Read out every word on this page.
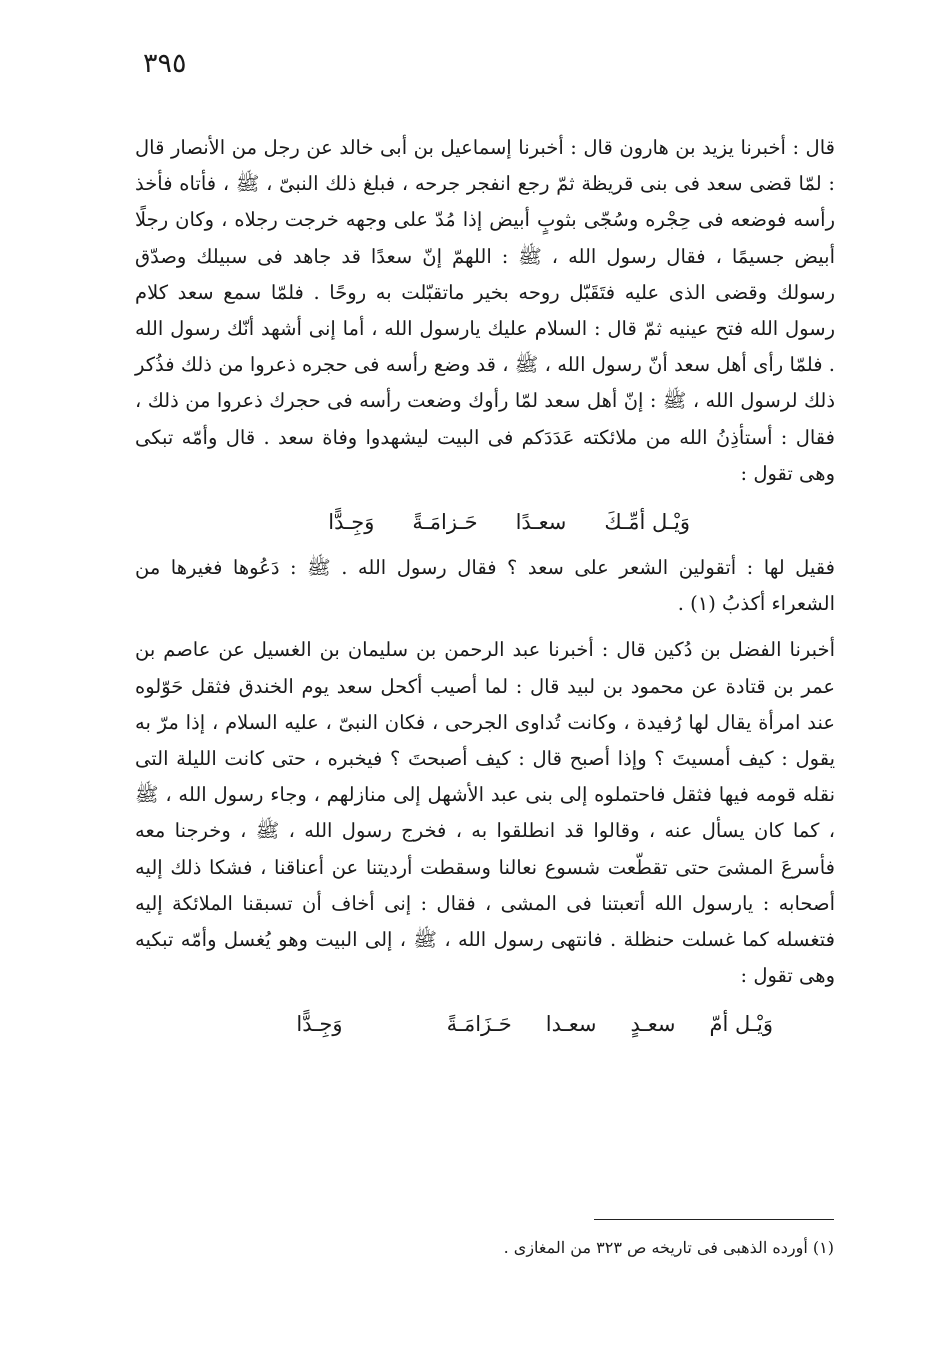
٣٩٥

قال : أخبرنا يزيد بن هارون قال : أخبرنا إسماعيل بن أبى خالد عن رجل من الأنصار قال : لمّا قضى سعد فى بنى قريظة ثمّ رجع انفجر جرحه ، فبلغ ذلك النبىّ ، ﷺ ، فأتاه فأخذ رأسه فوضعه فى حِجْره وسُجّى بثوبٍ أبيض إذا مُدّ على وجهه خرجت رجلاه ، وكان رجلًا أبيض جسيمًا ، فقال رسول الله ، ﷺ : اللهمّ إنّ سعدًا قد جاهد فى سبيلك وصدّق رسولك وقضى الذى عليه فتَقَبّل روحه بخير ماتقبّلت به روحًا . فلمّا سمع سعد كلام رسول الله فتح عينيه ثمّ قال : السلام عليك يارسول الله ، أما إنى أشهد أنّك رسول الله . فلمّا رأى أهل سعد أنّ رسول الله ، ﷺ ، قد وضع رأسه فى حجره ذعروا من ذلك فذُكر ذلك لرسول الله ، ﷺ : إنّ أهل سعد لمّا رأوك وضعت رأسه فى حجرك ذعروا من ذلك ، فقال : أستأذِنُ الله من ملائكته عَدَدَكم فى البيت ليشهدوا وفاة سعد . قال وأمّه تبكى وهى تقول :

وَيْـل أمِّـكَ
سعـدًا
حَـزامَـةً
وَجِـدًّا

فقيل لها : أتقولين الشعر على سعد ؟ فقال رسول الله . ﷺ : دَعُوها فغيرها من الشعراء أكذبُ (١) .

أخبرنا الفضل بن دُكين قال : أخبرنا عبد الرحمن بن سليمان بن الغسيل عن عاصم بن عمر بن قتادة عن محمود بن لبيد قال : لما أصيب أكحل سعد يوم الخندق فثقل حَوّلوه عند امرأة يقال لها رُفيدة ، وكانت تُداوى الجرحى ، فكان النبىّ ، عليه السلام ، إذا مرّ به يقول : كيف أمسيتَ ؟ وإذا أصبح قال : كيف أصبحتَ ؟ فيخبره ، حتى كانت الليلة التى نقله قومه فيها فثقل فاحتملوه إلى بنى عبد الأشهل إلى منازلهم ، وجاء رسول الله ، ﷺ ، كما كان يسأل عنه ، وقالوا قد انطلقوا به ، فخرج رسول الله ، ﷺ ، وخرجنا معه فأسرعَ المشىَ حتى تقطّعت شسوع نعالنا وسقطت أرديتنا عن أعناقنا ، فشكا ذلك إليه أصحابه : يارسول الله أتعبتنا فى المشى ، فقال : إنى أخاف أن تسبقنا الملائكة إليه فتغسله كما غسلت حنظلة . فانتهى رسول الله ، ﷺ ، إلى البيت وهو يُغسل وأمّه تبكيه وهى تقول :

وَيْـل أمّ
سعـدٍ
سعـدا
حَـزَامَـةً
وَجِـدًّا
(١) أورده الذهبى فى تاريخه ص ٣٢٣ من المغازى .
